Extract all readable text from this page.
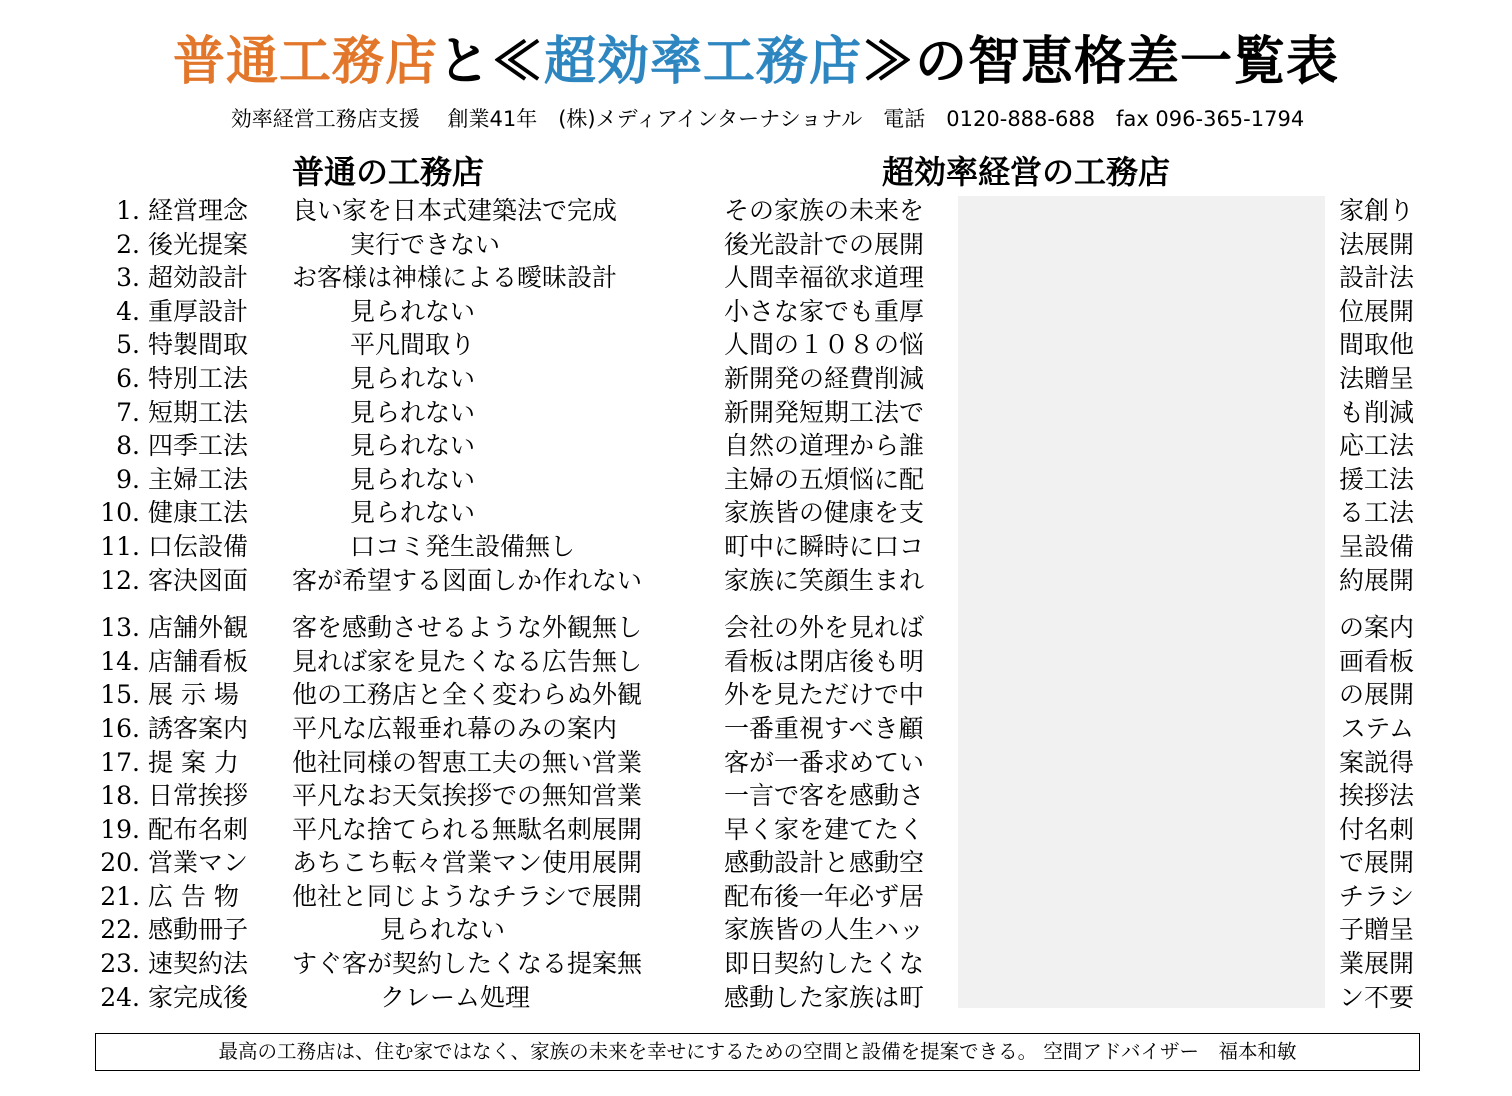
普通工務店と≪超効率工務店≫の智恵格差一覧表
効率経営工務店支援　 創業41年　(株)メディアインターナショナル　電話　0120-888-688　fax 096-365-1794
普通の工務店	超効率経営の工務店
1. 経営理念 良い家を日本式建築法で完成	その家族の未来を	家創り
2. 後光提案	実行できない	後光設計での展開	法展開
3. 超効設計 お客様は神様による曖昧設計	人間幸福欲求道理	設計法
4. 重厚設計	見られない	小さな家でも重厚	位展開
5. 特製間取	平凡間取り	人間の１０８の悩	間取他
6. 特別工法	見られない	新開発の経費削減	法贈呈
7. 短期工法	見られない	新開発短期工法で	も削減
8. 四季工法	見られない	自然の道理から誰	応工法
9. 主婦工法	見られない	主婦の五煩悩に配	援工法
10. 健康工法	見られない	家族皆の健康を支	る工法
11. 口伝設備	口コミ発生設備無し	町中に瞬時に口コ	呈設備
12. 客決図面 客が希望する図面しか作れない	家族に笑顔生まれ	約展開
13. 店舗外観 客を感動させるような外観無し	会社の外を見れば	の案内
14. 店舗看板 見れば家を見たくなる広告無し	看板は閉店後も明	画看板
15. 展 示 場 他の工務店と全く変わらぬ外観	外を見ただけで中	の展開
16. 誘客案内 平凡な広報垂れ幕のみの案内	一番重視すべき顧	ステム
17. 提 案 力 他社同様の智恵工夫の無い営業	客が一番求めてい	案説得
18. 日常挨拶 平凡なお天気挨拶での無知営業	一言で客を感動さ	挨拶法
19. 配布名刺 平凡な捨てられる無駄名刺展開	早く家を建てたく	付名刺
20. 営業マン あちこち転々営業マン使用展開	感動設計と感動空	で展開
21. 広 告 物 他社と同じようなチラシで展開	配布後一年必ず居	チラシ
22. 感動冊子	見られない	家族皆の人生ハッ	子贈呈
23. 速契約法 すぐ客が契約したくなる提案無	即日契約したくな	業展開
24. 家完成後	クレーム処理	感動した家族は町	ン不要
最高の工務店は、住む家ではなく、家族の未来を幸せにするための空間と設備を提案できる。 空間アドバイザー　福本和敏
